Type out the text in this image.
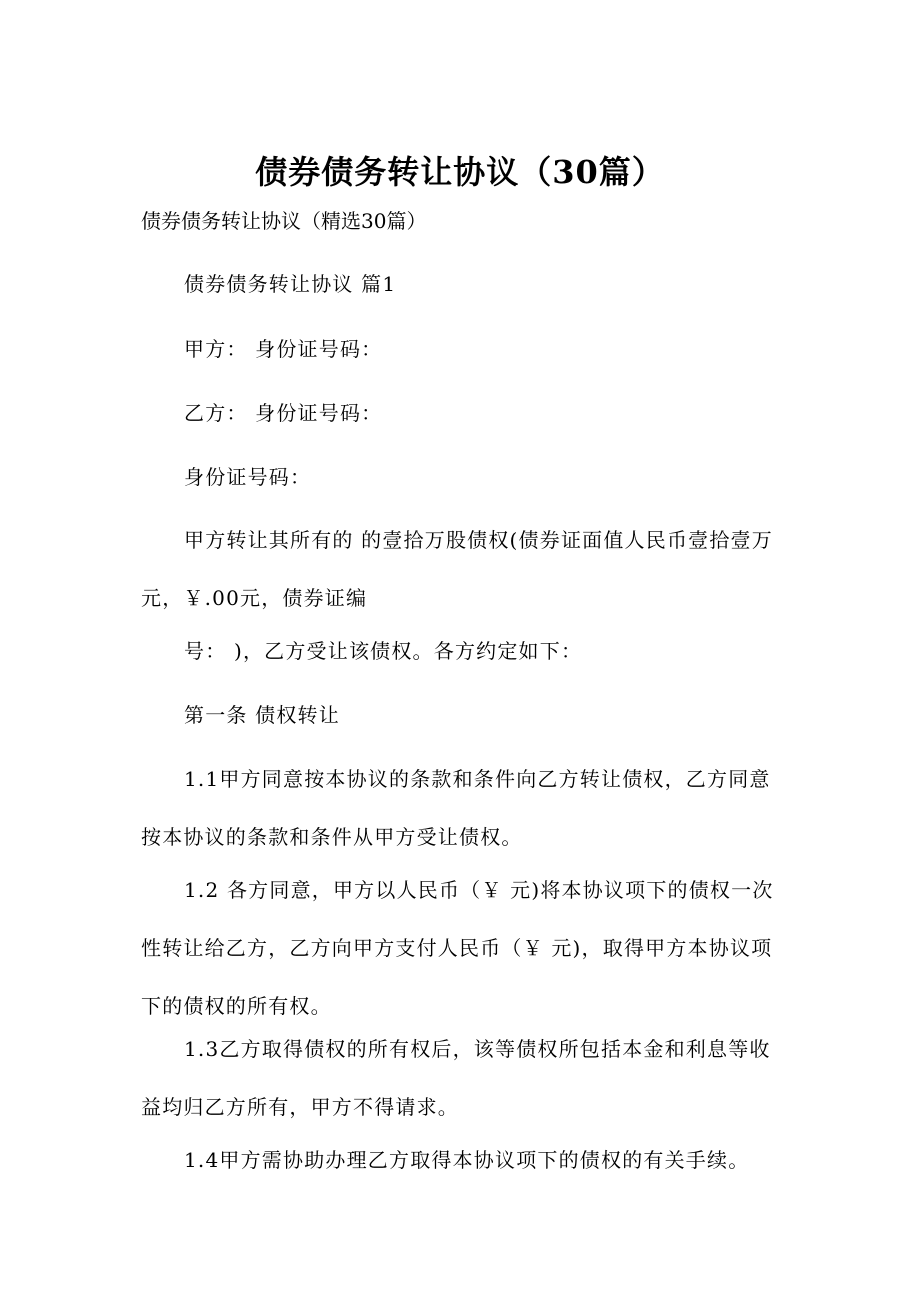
债券债务转让协议（30篇）
债券债务转让协议（精选30篇）

债券债务转让协议 篇1

甲方： 身份证号码：

乙方： 身份证号码：

身份证号码：

甲方转让其所有的 的壹拾万股债权(债券证面值人民币壹拾壹万元，￥.00元，债券证编

号： )，乙方受让该债权。各方约定如下：

第一条 债权转让

1.1甲方同意按本协议的条款和条件向乙方转让债权，乙方同意按本协议的条款和条件从甲方受让债权。

1.2 各方同意，甲方以人民币（￥ 元)将本协议项下的债权一次性转让给乙方，乙方向甲方支付人民币（￥ 元)，取得甲方本协议项下的债权的所有权。

1.3乙方取得债权的所有权后，该等债权所包括本金和利息等收益均归乙方所有，甲方不得请求。

1.4甲方需协助办理乙方取得本协议项下的债权的有关手续。
